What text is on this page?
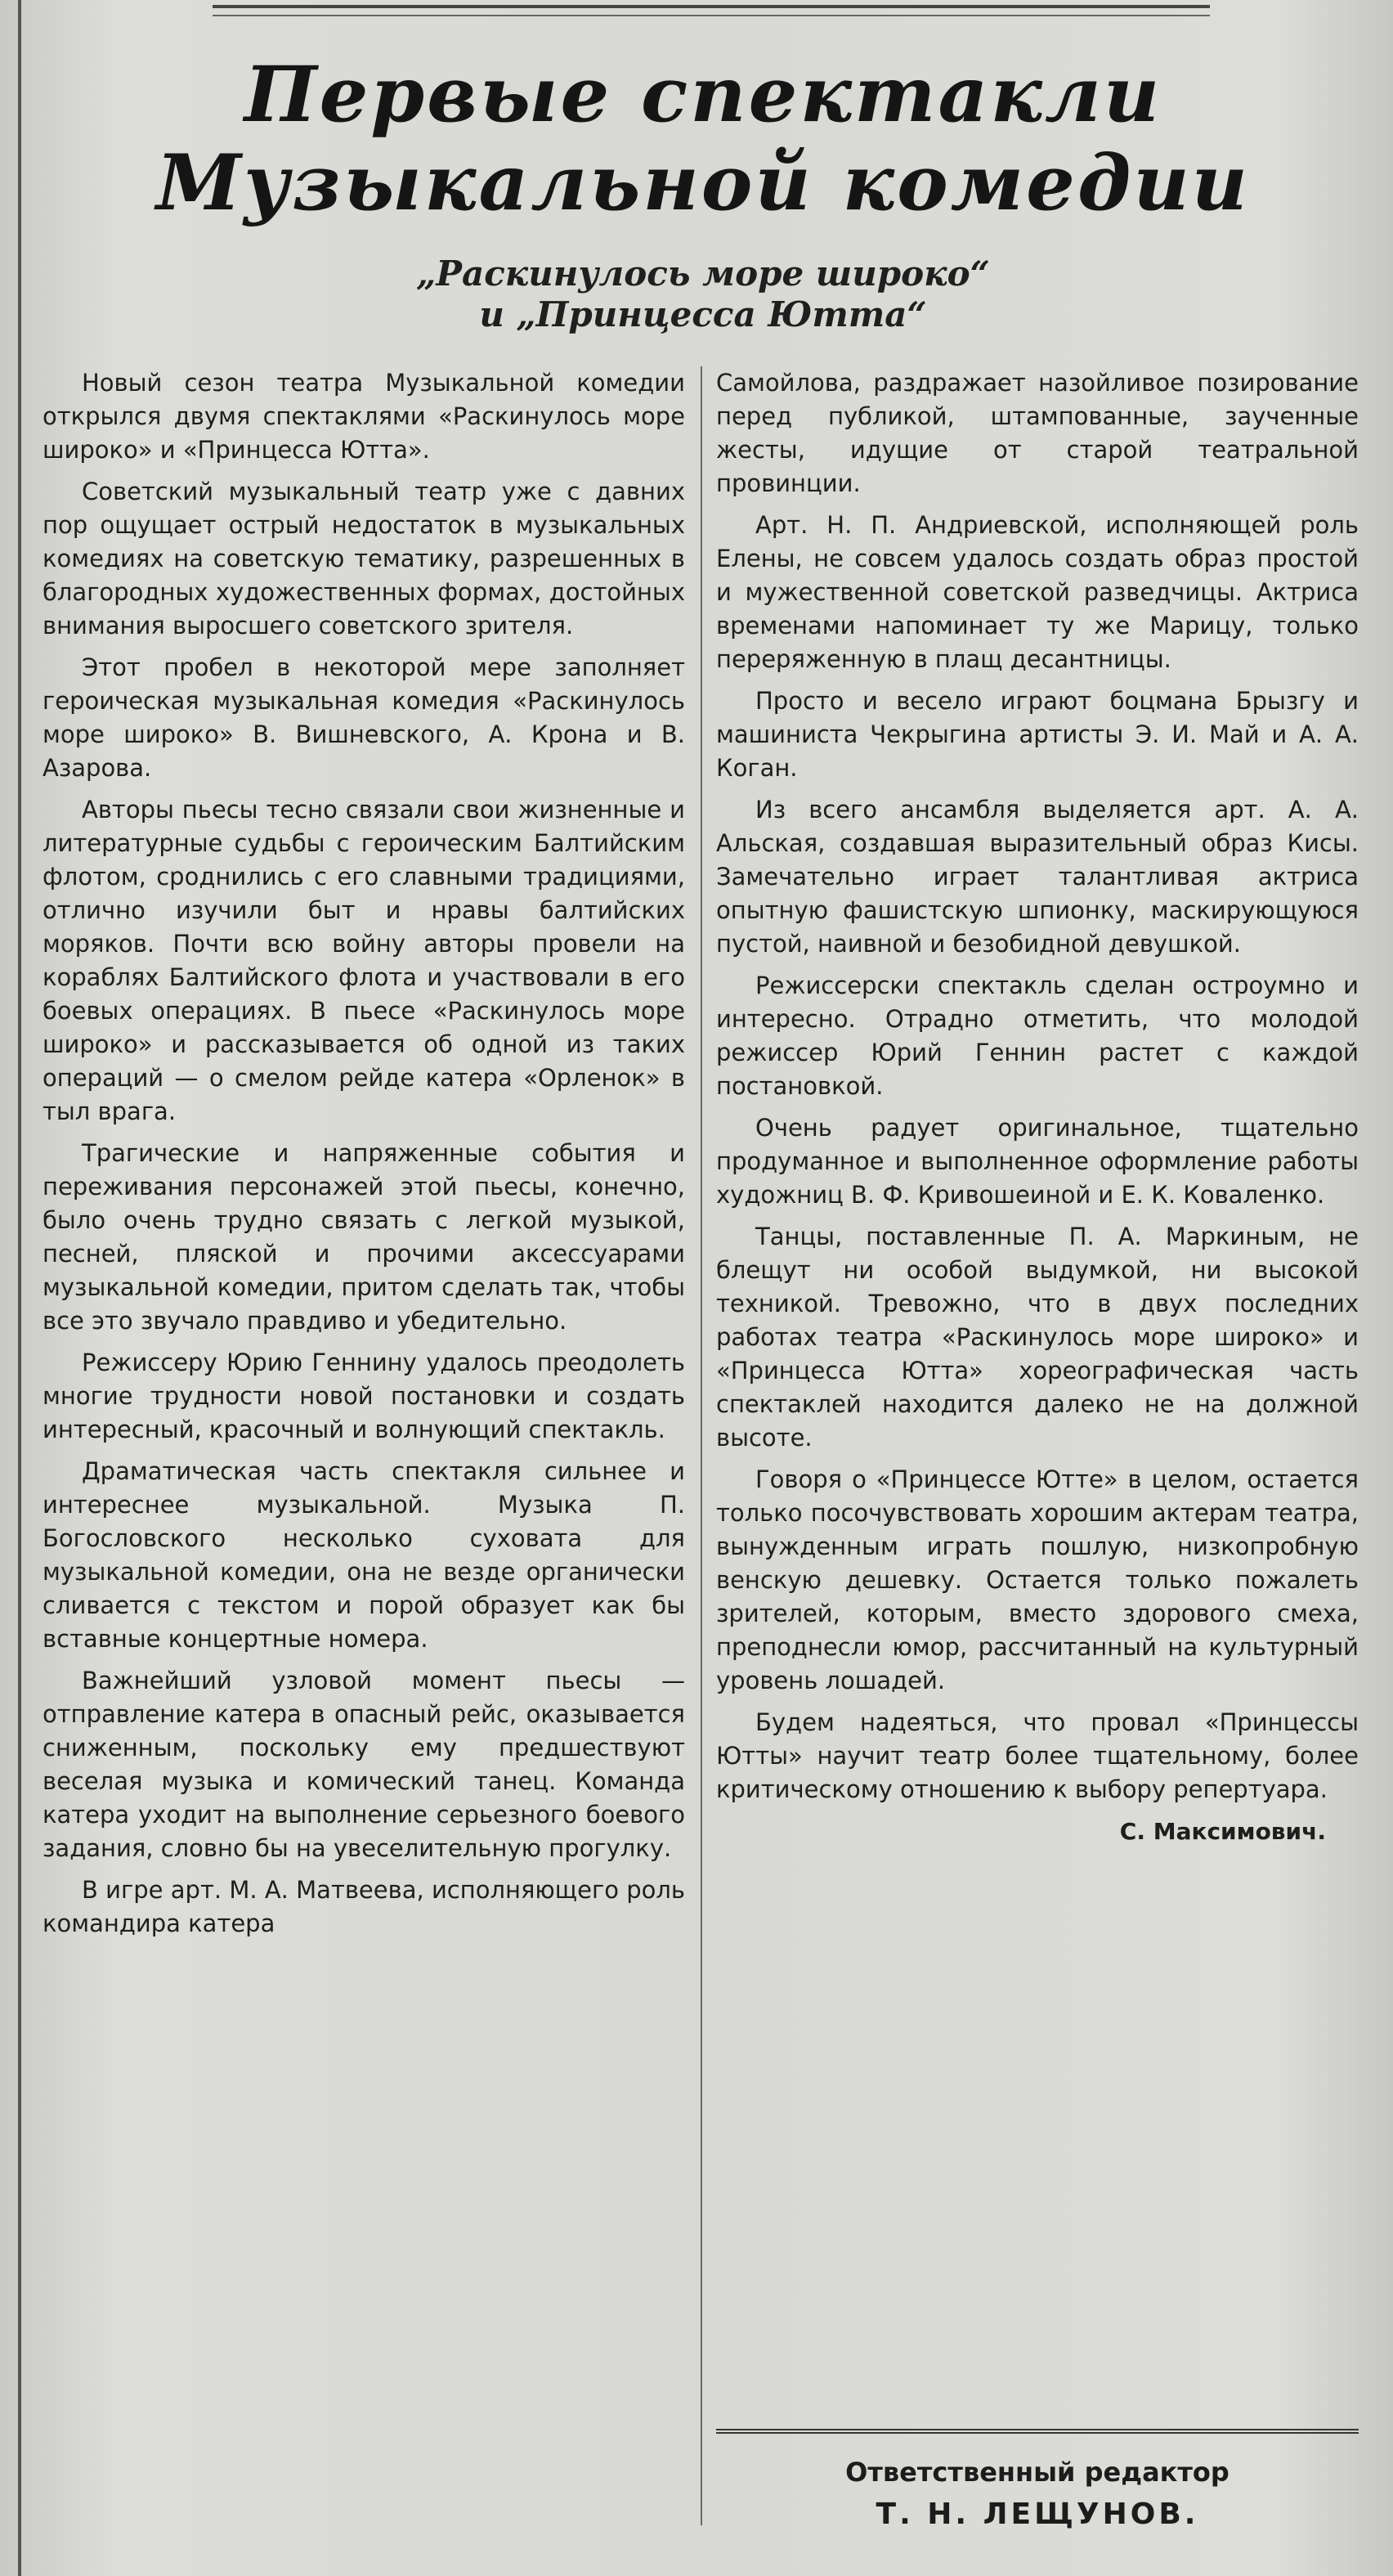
Первые спектакли
Музыкальной комедии
„Раскинулось море широко“
и „Принцесса Ютта“

Новый сезон театра Музыкальной комедии открылся двумя спектаклями «Раскинулось море широко» и «Принцесса Ютта».

Советский музыкальный театр уже с давних пор ощущает острый недостаток в музыкальных комедиях на советскую тематику, разрешенных в благородных художественных формах, достойных внимания выросшего советского зрителя.

Этот пробел в некоторой мере заполняет героическая музыкальная комедия «Раскинулось море широко» В. Вишневского, А. Крона и В. Азарова.

Авторы пьесы тесно связали свои жизненные и литературные судьбы с героическим Балтийским флотом, сроднились с его славными традициями, отлично изучили быт и нравы балтийских моряков. Почти всю войну авторы провели на кораблях Балтийского флота и участвовали в его боевых операциях. В пьесе «Раскинулось море широко» и рассказывается об одной из таких операций — о смелом рейде катера «Орленок» в тыл врага.

Трагические и напряженные события и переживания персонажей этой пьесы, конечно, было очень трудно связать с легкой музыкой, песней, пляской и прочими аксессуарами музыкальной комедии, притом сделать так, чтобы все это звучало правдиво и убедительно.

Режиссеру Юрию Геннину удалось преодолеть многие трудности новой постановки и создать интересный, красочный и волнующий спектакль.

Драматическая часть спектакля сильнее и интереснее музыкальной. Музыка П. Богословского несколько суховата для музыкальной комедии, она не везде органически сливается с текстом и порой образует как бы вставные концертные номера.

Важнейший узловой момент пьесы — отправление катера в опасный рейс, оказывается сниженным, поскольку ему предшествуют веселая музыка и комический танец. Команда катера уходит на выполнение серьезного боевого задания, словно бы на увеселительную прогулку.

В игре арт. М. А. Матвеева, исполняющего роль командира катера

Самойлова, раздражает назойливое позирование перед публикой, штампованные, заученные жесты, идущие от старой театральной провинции.

Арт. Н. П. Андриевской, исполняющей роль Елены, не совсем удалось создать образ простой и мужественной советской разведчицы. Актриса временами напоминает ту же Марицу, только переряженную в плащ десантницы.

Просто и весело играют боцмана Брызгу и машиниста Чекрыгина артисты Э. И. Май и А. А. Коган.

Из всего ансамбля выделяется арт. А. А. Альская, создавшая выразительный образ Кисы. Замечательно играет талантливая актриса опытную фашистскую шпионку, маскирующуюся пустой, наивной и безобидной девушкой.

Режиссерски спектакль сделан остроумно и интересно. Отрадно отметить, что молодой режиссер Юрий Геннин растет с каждой постановкой.

Очень радует оригинальное, тщательно продуманное и выполненное оформление работы художниц В. Ф. Кривошеиной и Е. К. Коваленко.

Танцы, поставленные П. А. Маркиным, не блещут ни особой выдумкой, ни высокой техникой. Тревожно, что в двух последних работах театра «Раскинулось море широко» и «Принцесса Ютта» хореографическая часть спектаклей находится далеко не на должной высоте.

Говоря о «Принцессе Ютте» в целом, остается только посочувствовать хорошим актерам театра, вынужденным играть пошлую, низкопробную венскую дешевку. Остается только пожалеть зрителей, которым, вместо здорового смеха, преподнесли юмор, рассчитанный на культурный уровень лошадей.

Будем надеяться, что провал «Принцессы Ютты» научит театр более тщательному, более критическому отношению к выбору репертуара.

С. Максимович.
Ответственный редактор
Т. Н. ЛЕЩУНОВ.
